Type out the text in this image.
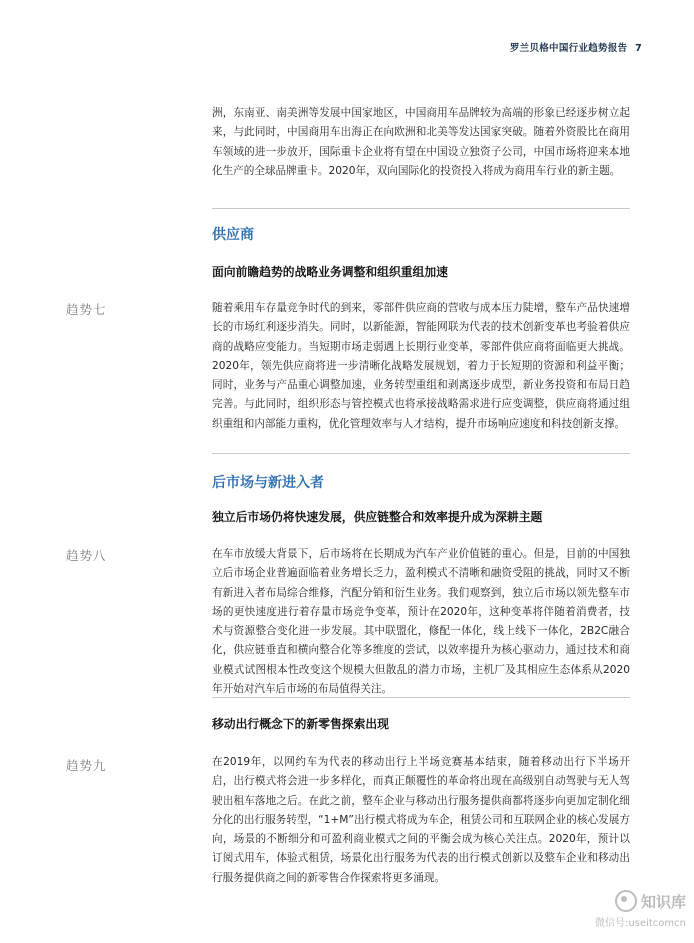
罗兰贝格中国行业趋势报告 7

洲，东南亚、南美洲等发展中国家地区，中国商用车品牌较为高端的形象已经逐步树立起来，与此同时，中国商用车出海正在向欧洲和北美等发达国家突破。随着外资股比在商用车领域的进一步放开，国际重卡企业将有望在中国设立独资子公司，中国市场将迎来本地化生产的全球品牌重卡。2020年，双向国际化的投资投入将成为商用车行业的新主题。

供应商
面向前瞻趋势的战略业务调整和组织重组加速
趋势七	随着乘用车存量竞争时代的到来，零部件供应商的营收与成本压力陡增，整车产品快速增长的市场红利逐步消失。同时，以新能源，智能网联为代表的技术创新变革也考验着供应商的战略应变能力。当短期市场走弱遇上长期行业变革，零部件供应商将面临更大挑战。2020年，领先供应商将进一步清晰化战略发展规划，着力于长短期的资源和利益平衡；同时，业务与产品重心调整加速，业务转型重组和剥离逐步成型，新业务投资和布局日趋完善。与此同时，组织形态与管控模式也将承接战略需求进行应变调整，供应商将通过组织重组和内部能力重构，优化管理效率与人才结构，提升市场响应速度和科技创新支撑。

后市场与新进入者
独立后市场仍将快速发展，供应链整合和效率提升成为深耕主题
趋势八	在车市放缓大背景下，后市场将在长期成为汽车产业价值链的重心。但是，目前的中国独立后市场企业普遍面临着业务增长乏力，盈利模式不清晰和融资受阻的挑战，同时又不断有新进入者布局综合维修，汽配分销和衍生业务。我们观察到，独立后市场以领先整车市场的更快速度进行着存量市场竞争变革，预计在2020年，这种变革将伴随着消费者，技术与资源整合变化进一步发展。其中联盟化，修配一体化，线上线下一体化，2B2C融合化，供应链垂直和横向整合化等多维度的尝试，以效率提升为核心驱动力，通过技术和商业模式试图根本性改变这个规模大但散乱的潜力市场，主机厂及其相应生态体系从2020年开始对汽车后市场的布局值得关注。

移动出行概念下的新零售探索出现
趋势九	在2019年，以网约车为代表的移动出行上半场竞赛基本结束，随着移动出行下半场开启，出行模式将会进一步多样化，而真正颠覆性的革命将出现在高级别自动驾驶与无人驾驶出租车落地之后。在此之前，整车企业与移动出行服务提供商都将逐步向更加定制化细分化的出行服务转型，“1+M”出行模式将成为车企，租赁公司和互联网企业的核心发展方向，场景的不断细分和可盈利商业模式之间的平衡会成为核心关注点。2020年，预计以订阅式用车，体验式租赁，场景化出行服务为代表的出行模式创新以及整车企业和移动出行服务提供商之间的新零售合作探索将更多涌现。

知识库
微信号:useitcomcn
